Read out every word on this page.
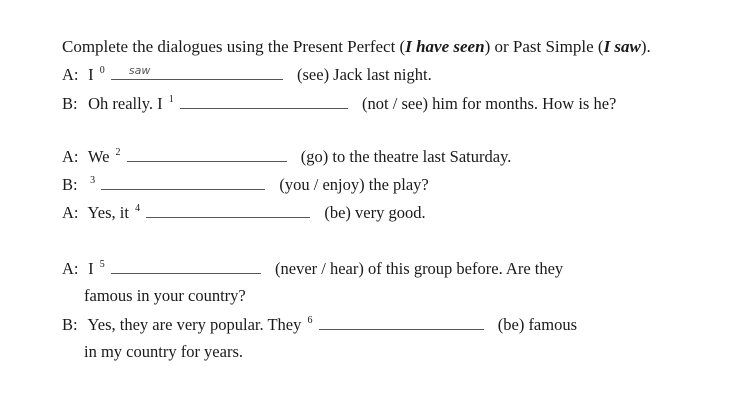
Complete the dialogues using the Present Perfect (I have seen) or Past Simple (I saw).
A: I $^0$ saw	(see) Jack last night.
B: Oh really. I $^1$	(not / see) him for months. How is he?
A: We $^2$	(go) to the theatre last Saturday.
B: $^3$	(you / enjoy) the play?
A: Yes, it $^4$	(be) very good.
A: I $^5$	(never / hear) of this group before. Are they
famous in your country?
B: Yes, they are very popular. They $^6$	(be) famous
in my country for years.
